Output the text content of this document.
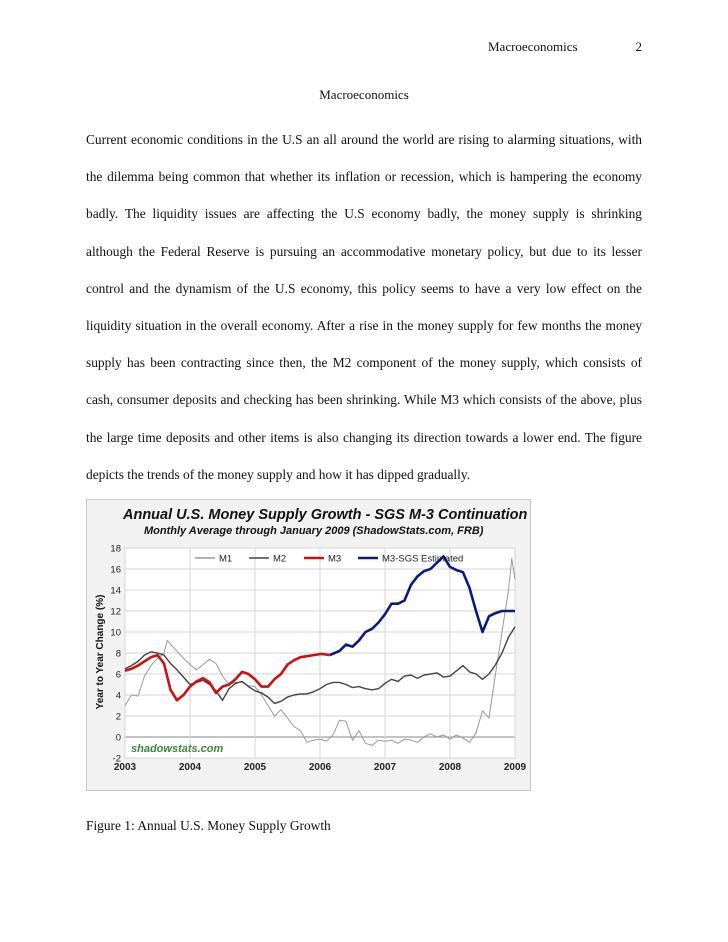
Macroeconomics	2
Macroeconomics

Current economic conditions in the U.S an all around the world are rising to alarming situations, with the dilemma being common that whether its inflation or recession, which is hampering the economy badly. The liquidity issues are affecting the U.S economy badly, the money supply is shrinking although the Federal Reserve is pursuing an accommodative monetary policy, but due to its lesser control and the dynamism of the U.S economy, this policy seems to have a very low effect on the liquidity situation in the overall economy. After a rise in the money supply for few months the money supply has been contracting since then, the M2 component of the money supply, which consists of cash, consumer deposits and checking has been shrinking. While M3 which consists of the above, plus the large time deposits and other items is also changing its direction towards a lower end. The figure depicts the trends of the money supply and how it has dipped gradually.

Annual U.S. Money Supply Growth - SGS M-3 Continuation
Monthly Average through January 2009 (ShadowStats.com, FRB)
Year to Year Change (%)
18
16
14
12
10
8
6
4
2
0
-2
2003	2004	2005	2006	2007	2008	2009
M1	M2	M3	M3-SGS Estimated
shadowstats.com
Figure 1: Annual U.S. Money Supply Growth
